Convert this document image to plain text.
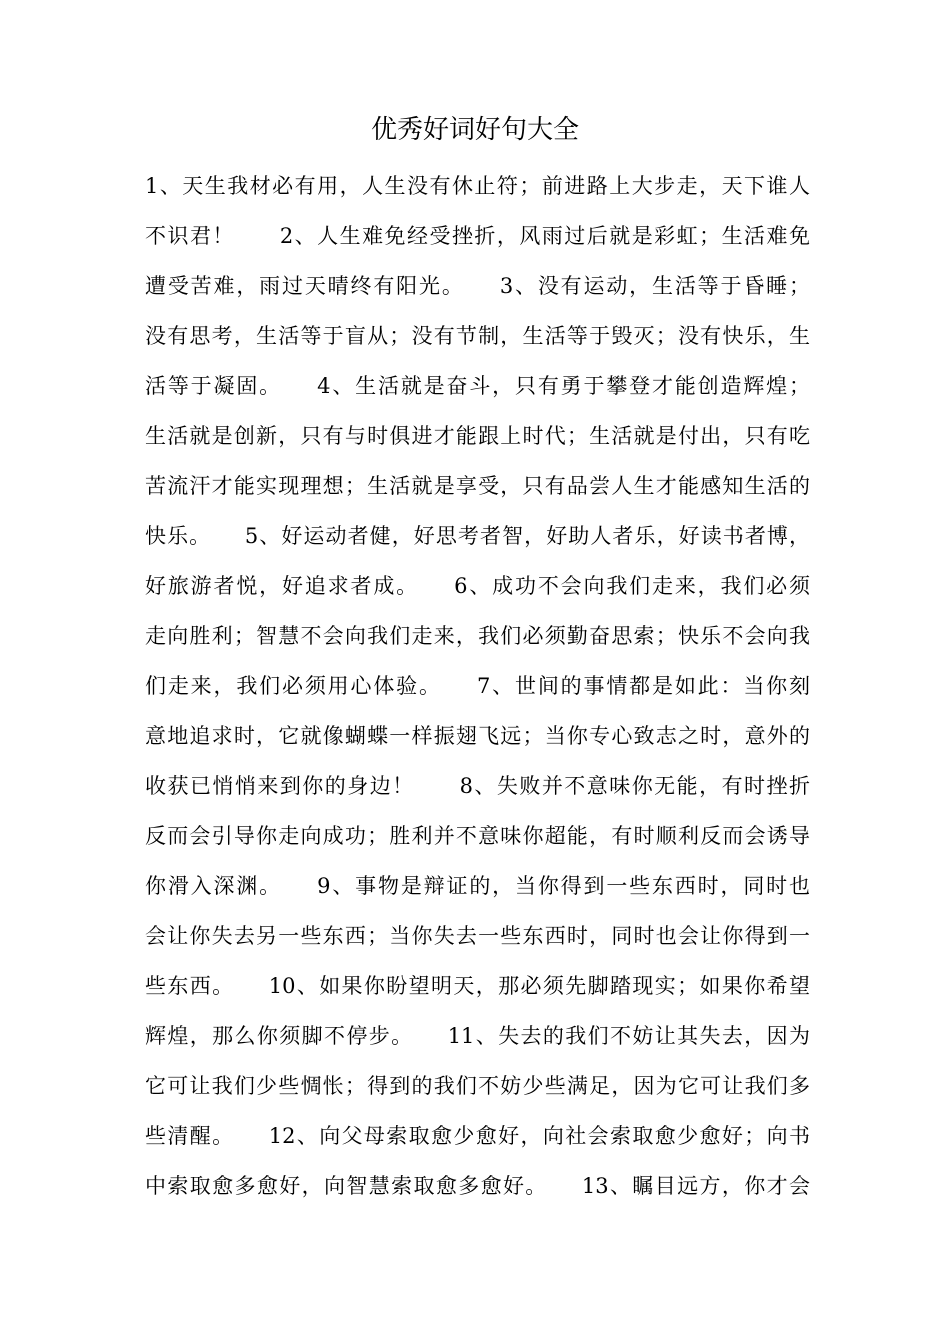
优秀好词好句大全
1、天生我材必有用，人生没有休止符；前进路上大步走，天下谁人
不识君！　　2、人生难免经受挫折，风雨过后就是彩虹；生活难免
遭受苦难，雨过天晴终有阳光。　　3、没有运动，生活等于昏睡；
没有思考，生活等于盲从；没有节制，生活等于毁灭；没有快乐，生
活等于凝固。　　4、生活就是奋斗，只有勇于攀登才能创造辉煌；
生活就是创新，只有与时俱进才能跟上时代；生活就是付出，只有吃
苦流汗才能实现理想；生活就是享受，只有品尝人生才能感知生活的
快乐。　　5、好运动者健，好思考者智，好助人者乐，好读书者博，
好旅游者悦，好追求者成。　　6、成功不会向我们走来，我们必须
走向胜利；智慧不会向我们走来，我们必须勤奋思索；快乐不会向我
们走来，我们必须用心体验。　　7、世间的事情都是如此：当你刻
意地追求时，它就像蝴蝶一样振翅飞远；当你专心致志之时，意外的
收获已悄悄来到你的身边！　　8、失败并不意味你无能，有时挫折
反而会引导你走向成功；胜利并不意味你超能，有时顺利反而会诱导
你滑入深渊。　　9、事物是辩证的，当你得到一些东西时，同时也
会让你失去另一些东西；当你失去一些东西时，同时也会让你得到一
些东西。　　10、如果你盼望明天，那必须先脚踏现实；如果你希望
辉煌，那么你须脚不停步。　　11、失去的我们不妨让其失去，因为
它可让我们少些惆怅；得到的我们不妨少些满足，因为它可让我们多
些清醒。　　12、向父母索取愈少愈好，向社会索取愈少愈好；向书
中索取愈多愈好，向智慧索取愈多愈好。　　13、瞩目远方，你才会
